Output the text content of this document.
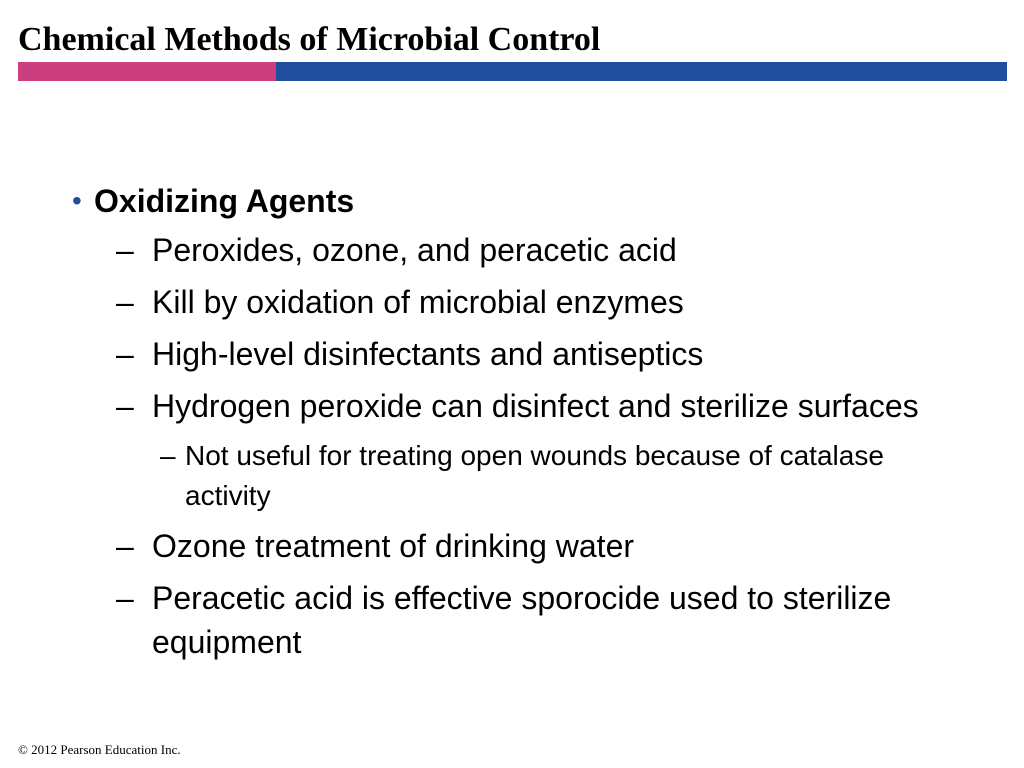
Chemical Methods of Microbial Control
• Oxidizing Agents
– Peroxides, ozone, and peracetic acid
– Kill by oxidation of microbial enzymes
– High-level disinfectants and antiseptics
– Hydrogen peroxide can disinfect and sterilize surfaces
– Not useful for treating open wounds because of catalase activity
– Ozone treatment of drinking water
– Peracetic acid is effective sporocide used to sterilize equipment
© 2012 Pearson Education Inc.
